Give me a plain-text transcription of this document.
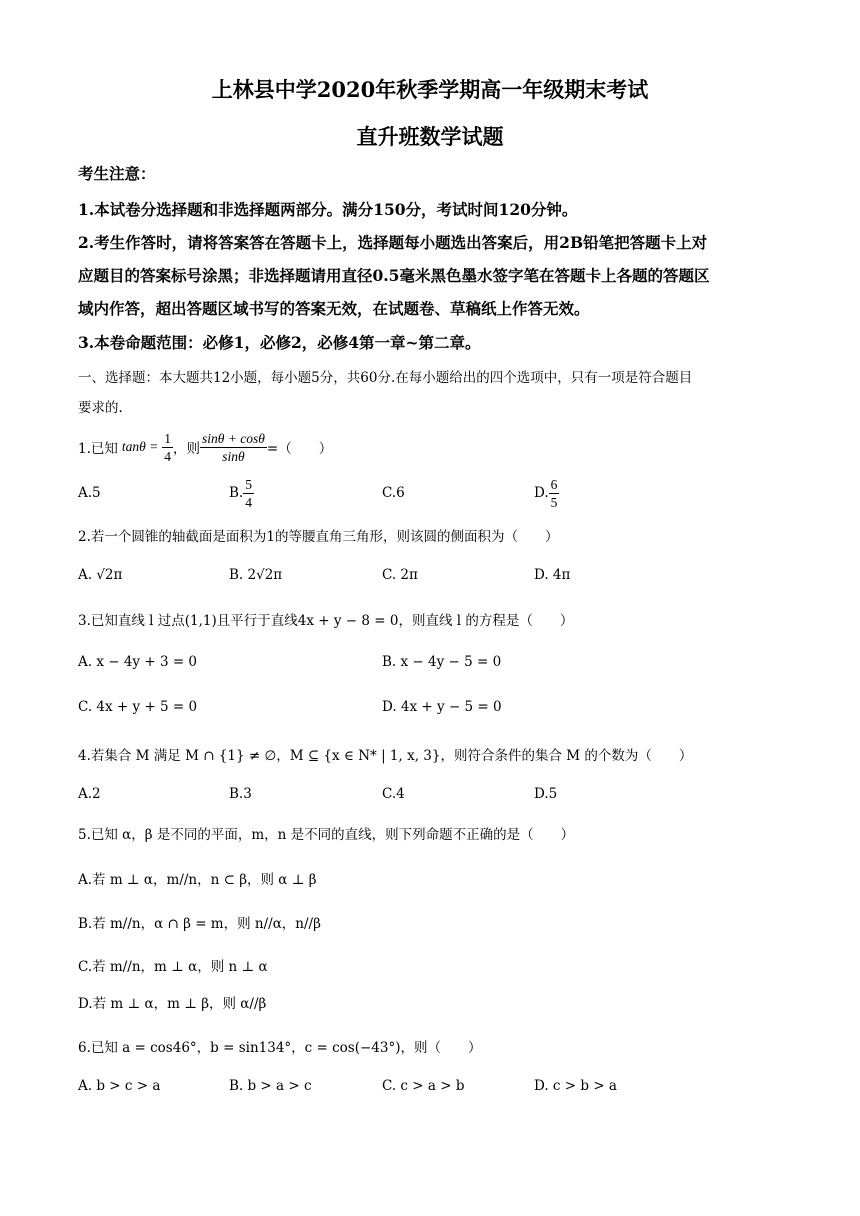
上林县中学2020年秋季学期高一年级期末考试
直升班数学试题
考生注意：
1.本试卷分选择题和非选择题两部分。满分150分，考试时间120分钟。
2.考生作答时，请将答案答在答题卡上，选择题每小题选出答案后，用2B铅笔把答题卡上对
应题目的答案标号涂黑；非选择题请用直径0.5毫米黑色墨水签字笔在答题卡上各题的答题区
域内作答，超出答题区域书写的答案无效，在试题卷、草稿纸上作答无效。
3.本卷命题范围：必修1，必修2，必修4第一章~第二章。
一、选择题：本大题共12小题，每小题5分，共60分.在每小题给出的四个选项中，只有一项是符合题目
要求的.
1.已知 $\tan\theta = \frac{1}{4}$ ，则 $\frac{\sin\theta + \cos\theta}{\sin\theta}$ =（　　）
A.5	B. $\frac{5}{4}$	C.6	D. $\frac{6}{5}$
2.若一个圆锥的轴截面是面积为1的等腰直角三角形，则该圆的侧面积为（　　）
A. √2π	B. 2√2π	C. 2π	D. 4π
3.已知直线 l 过点(1,1)且平行于直线4x + y − 8 = 0，则直线 l 的方程是（　　）
A. x − 4y + 3 = 0	B. x − 4y − 5 = 0
C. 4x + y + 5 = 0	D. 4x + y − 5 = 0
4.若集合 M 满足 M ∩ {1} ≠ ∅，M ⊆ {x ∈ N* | 1, x, 3}，则符合条件的集合 M 的个数为（　　）
A.2	B.3	C.4	D.5
5.已知 α，β 是不同的平面，m，n 是不同的直线，则下列命题不正确的是（　　）
A.若 m ⊥ α，m//n，n ⊂ β，则 α ⊥ β
B.若 m//n，α ∩ β = m，则 n//α，n//β
C.若 m//n，m ⊥ α，则 n ⊥ α
D.若 m ⊥ α，m ⊥ β，则 α//β
6.已知 a = cos46°，b = sin134°，c = cos(−43°)，则（　　）
A. b > c > a	B. b > a > c	C. c > a > b	D. c > b > a
